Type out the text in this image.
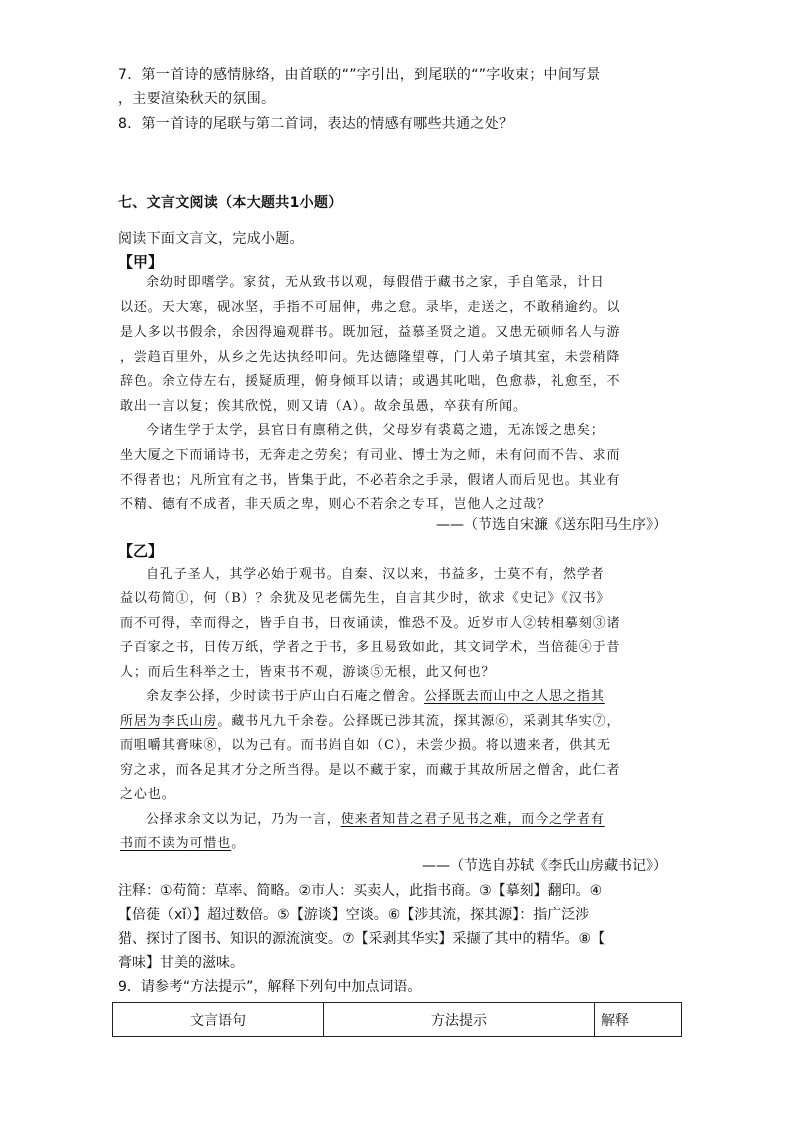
7．第一首诗的感情脉络，由首联的“”字引出，到尾联的“”字收束；中间写景
，主要渲染秋天的氛围。
8．第一首诗的尾联与第二首词，表达的情感有哪些共通之处？
七、文言文阅读（本大题共1小题）
阅读下面文言文，完成小题。
【甲】
余幼时即嗜学。家贫，无从致书以观，每假借于藏书之家，手自笔录，计日
以还。天大寒，砚冰坚，手指不可屈伸，弗之怠。录毕，走送之，不敢稍逾约。以
是人多以书假余，余因得遍观群书。既加冠，益慕圣贤之道。又患无硕师名人与游
，尝趋百里外，从乡之先达执经叩问。先达德隆望尊，门人弟子填其室，未尝稍降
辞色。余立侍左右，援疑质理，俯身倾耳以请；或遇其叱咄，色愈恭，礼愈至，不
敢出一言以复；俟其欣悦，则又请（A）。故余虽愚，卒获有所闻。
今诸生学于太学，县官日有廪稍之供，父母岁有裘葛之遗，无冻馁之患矣；
坐大厦之下而诵诗书，无奔走之劳矣；有司业、博士为之师，未有问而不告、求而
不得者也；凡所宜有之书，皆集于此，不必若余之手录，假诸人而后见也。其业有
不精、德有不成者，非天质之卑，则心不若余之专耳，岂他人之过哉？
——（节选自宋濂《送东阳马生序》）
【乙】
自孔子圣人，其学必始于观书。自秦、汉以来，书益多，士莫不有，然学者
益以苟简①，何（B）？余犹及见老儒先生，自言其少时，欲求《史记》《汉书》
而不可得，幸而得之，皆手自书，日夜诵读，惟恐不及。近岁市人②转相摹刻③诸
子百家之书，日传万纸，学者之于书，多且易致如此，其文词学术，当倍蓰④于昔
人；而后生科举之士，皆束书不观，游谈⑤无根，此又何也？
余友李公择，少时读书于庐山白石庵之僧舍。公择既去而山中之人思之指其
所居为李氏山房。藏书凡九千余卷。公择既已涉其流，探其源⑥，采剥其华实⑦，
而咀嚼其膏味⑧，以为己有。而书岿自如（C），未尝少损。将以遗来者，供其无
穷之求，而各足其才分之所当得。是以不藏于家，而藏于其故所居之僧舍，此仁者
之心也。
公择求余文以为记，乃为一言，使来者知昔之君子见书之难，而今之学者有
书而不读为可惜也。
——（节选自苏轼《李氏山房藏书记》）
注释：①苟简：草率、简略。②市人：买卖人，此指书商。③【摹刻】翻印。④
【倍蓰（xǐ）】超过数倍。⑤【游谈】空谈。⑥【涉其流，探其源】：指广泛涉
猎、探讨了图书、知识的源流演变。⑦【采剥其华实】采撷了其中的精华。⑧【
膏味】甘美的滋味。
9．请参考“方法提示”，解释下列句中加点词语。
文言语句	方法提示	解释
